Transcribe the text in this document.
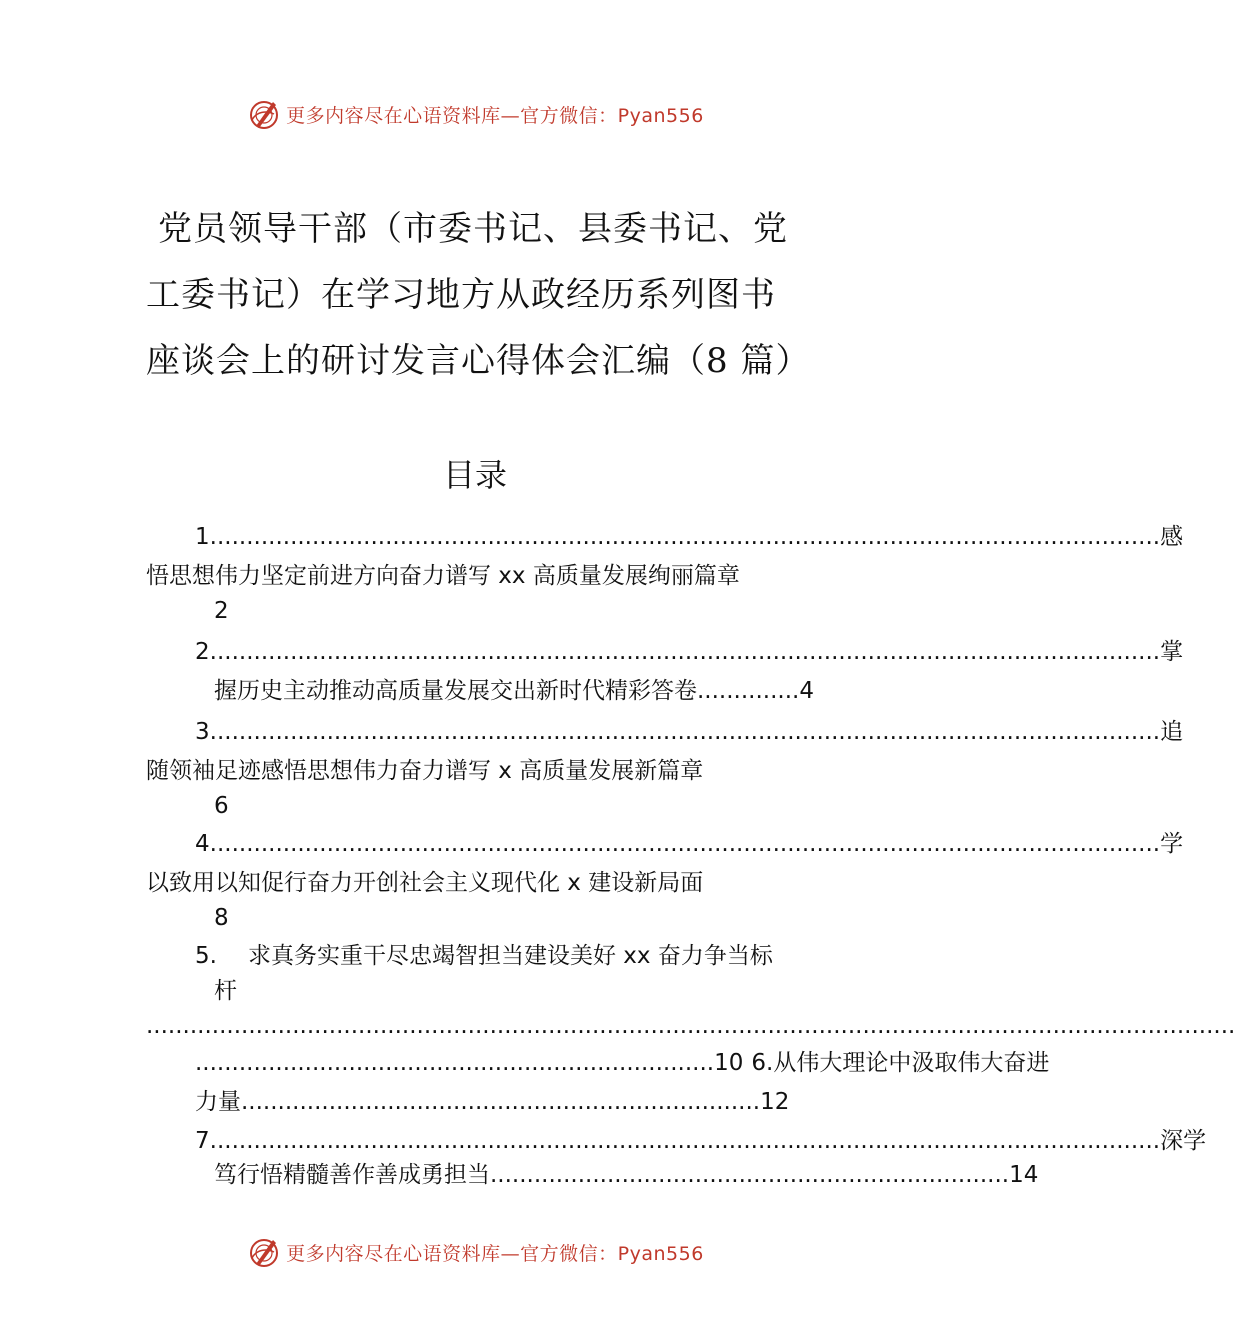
更多内容尽在心语资料库—官方微信：Pyan556
党员领导干部（市委书记、县委书记、党
工委书记）在学习地方从政经历系列图书
座谈会上的研讨发言心得体会汇编（8 篇）
目录
1. ................................................................................................................................. 感
悟思想伟力坚定前进方向奋力谱写 xx 高质量发展绚丽篇章
2
2. ................................................................................................................................. 掌
握历史主动推动高质量发展交出新时代精彩答卷 .............. 4
3. ................................................................................................................................. 追
随领袖足迹感悟思想伟力奋力谱写 x 高质量发展新篇章
6
4. ................................................................................................................................. 学
以致用以知促行奋力开创社会主义现代化 x 建设新局面
8
5. 求真务实重干尽忠竭智担当建设美好 xx 奋力争当标
杆
.....................................................................................................................................................
....................................................................... 10 6.从伟大理论中汲取伟大奋进
力量 ....................................................................... 12
7. ................................................................................................................................. 深学
笃行悟精髓善作善成勇担当 ....................................................................... 14
更多内容尽在心语资料库—官方微信：Pyan556
